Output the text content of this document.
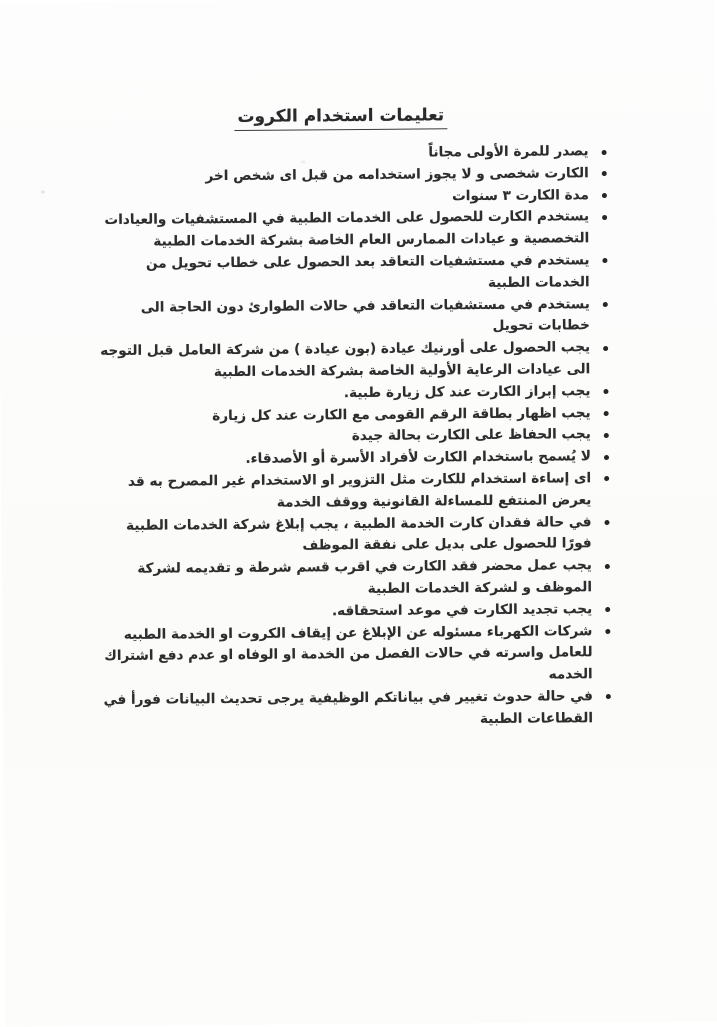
تعليمات استخدام الكروت
يصدر للمرة الأولى مجاناً
الكارت شخصى و لا يجوز استخدامه من قبل اى شخص اخر
مدة الكارت ٣ سنوات
يستخدم الكارت للحصول على الخدمات الطبية في المستشفيات والعيادات التخصصية و عيادات الممارس العام الخاصة بشركة الخدمات الطبية
يستخدم في مستشفيات التعاقد بعد الحصول على خطاب تحويل من الخدمات الطبية
يستخدم في مستشفيات التعاقد في حالات الطوارئ دون الحاجة الى خطابات تحويل
يجب الحصول على أورنيك عيادة (بون عيادة ) من شركة العامل قبل التوجه الى عيادات الرعاية الأولية الخاصة بشركة الخدمات الطبية
يجب إبراز الكارت عند كل زيارة طبية.
يجب اظهار بطاقة الرقم القومى مع الكارت عند كل زيارة
يجب الحفاظ على الكارت بحالة جيدة
لا يُسمح باستخدام الكارت لأفراد الأسرة أو الأصدقاء.
اى إساءة استخدام للكارت مثل التزوير او الاستخدام غير المصرح به قد يعرض المنتفع للمساءلة القانونية ووقف الخدمة
في حالة فقدان كارت الخدمة الطبية ، يجب إبلاغ شركة الخدمات الطبية فورًا للحصول على بديل على نفقة الموظف
يجب عمل محضر فقد الكارت في اقرب قسم شرطة و تقديمه لشركة الموظف و لشركة الخدمات الطبية
يجب تجديد الكارت في موعد استحقاقه.
شركات الكهرباء مسئوله عن الإبلاغ عن إيقاف الكروت او الخدمة الطبيه للعامل واسرته في حالات الفصل من الخدمة او الوفاه او عدم دفع اشتراك الخدمه
في حالة حدوث تغيير في بياناتكم الوظيفية يرجى تحديث البيانات فورأ في القطاعات الطبية
